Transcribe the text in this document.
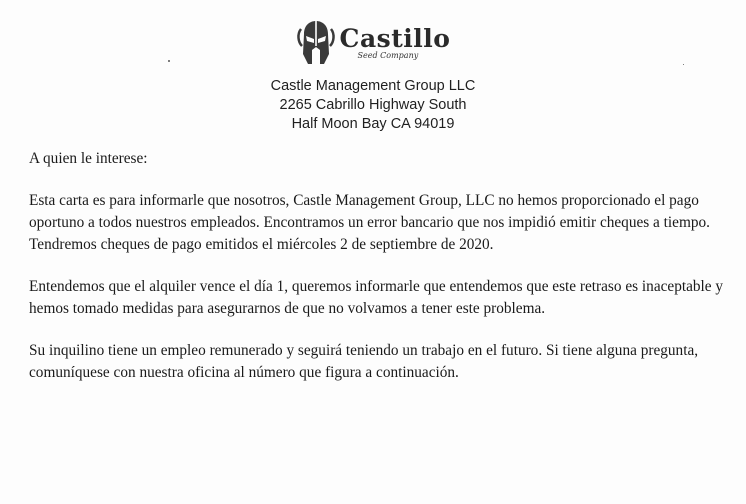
Castillo
Seed Company
Castle Management Group LLC
2265 Cabrillo Highway South
Half Moon Bay CA 94019

A quien le interese:

Esta carta es para informarle que nosotros, Castle Management Group, LLC no hemos proporcionado el pago oportuno a todos nuestros empleados. Encontramos un error bancario que nos impidió emitir cheques a tiempo. Tendremos cheques de pago emitidos el miércoles 2 de septiembre de 2020.

Entendemos que el alquiler vence el día 1, queremos informarle que entendemos que este retraso es inaceptable y hemos tomado medidas para asegurarnos de que no volvamos a tener este problema.

Su inquilino tiene un empleo remunerado y seguirá teniendo un trabajo en el futuro. Si tiene alguna pregunta, comuníquese con nuestra oficina al número que figura a continuación.
